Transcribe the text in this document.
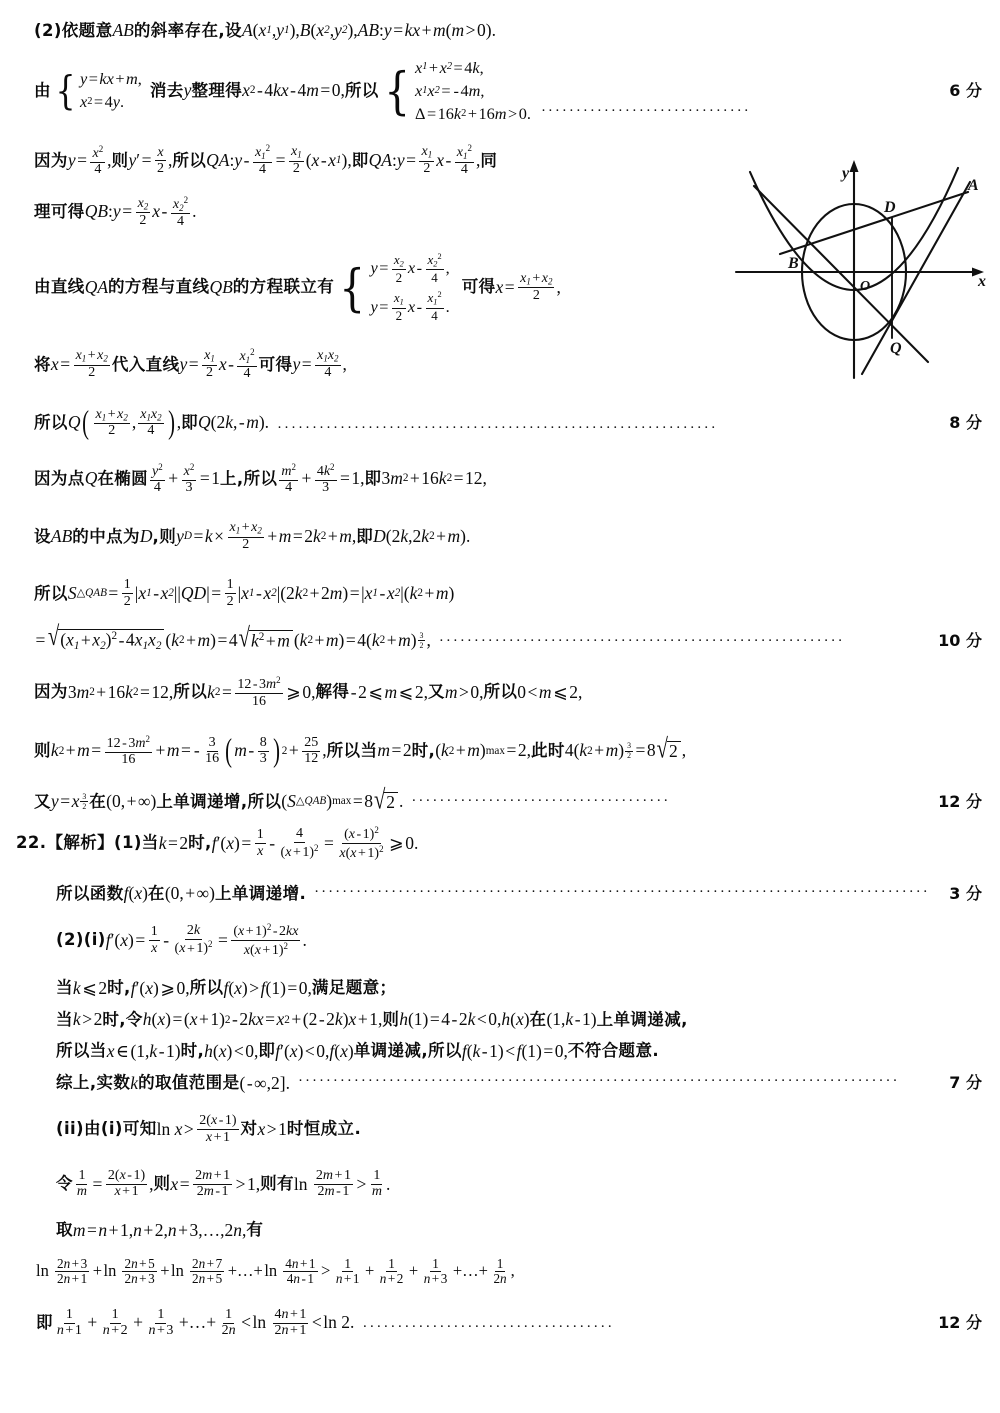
A
B
D
O
Q
x
y
(2)依题意 AB 的斜率存在 , 设 A ( x 1 , y 1 ) , B ( x 2 , y 2 ) , AB : y = kx + m ( m > 0 ) .
由 { y = kx + m ,
x 2 = 4 y .
消去 y 整理得 x 2 - 4 kx - 4 m = 0 , 所以 { x 1 + x 2 = 4 k ,
x 1 x 2 = - 4 m ,
Δ = 16 k 2 + 16 m > 0 . ······························
6 分
因为 $y = \frac{x^2}{4}$ , 则 y ′ = $\frac{x}{2}$ , 所以 QA : $y - \frac{x_1^2}{4} = \frac{x_1}{2}$ ( x - x 1 ) , 即 QA : $y = \frac{x_1}{2}$ x - $\frac{x_1^2}{4}$ , 同
理可得 QB : $y = \frac{x_2}{2}$ x - $\frac{x_2^2}{4}$ .
由直线 QA 的方程与直线 QB 的方程联立有 { $y = \frac{x_2}{2}$ x - $\frac{x_2^2}{4}$ ,
$y = \frac{x_1}{2}$ x - $\frac{x_1^2}{4}$ .
可得 $x = \frac{x_1 + x_2}{2}$ ,
将 $x = \frac{x_1 + x_2}{2}$ 代入直线 $y = \frac{x_1}{2}$ x - $\frac{x_1^2}{4}$ 可得 $y = \frac{x_1x_2}{4}$ ,
所以 Q ( $\frac{x_1 + x_2}{2}$ , $\frac{x_1x_2}{4}$ ) , 即 Q ( 2 k , - m ) . ·······························································	8 分
因为点 Q 在椭圆 $\frac{y^2}{4} + \frac{x^2}{3} = 1$ 上 , 所以 $\frac{m^2}{4} + \frac{4k^2}{3} = 1$ , 即 3 m 2 + 16 k 2 = 12 ,
设 AB 的中点为 D , 则 y $D = k \times \frac{x_1 + x_2}{2} + m = 2$ k 2 + m , 即 D ( 2 k , 2 k 2 + m ) .
所以 S △QAB = $\frac{1}{2}$ | x 1 - x 2 | | QD | = $\frac{1}{2}$ | x 1 - x 2 | ( 2 k 2 + 2 m ) = | x 1 - x 2 | ( k 2 + m )
= √ $(x_1+x_2)^2-4x_1x_2$ ( k 2 + m ) = 4 √ $k^2+m$ ( k 2 + m ) = 4 ( k 2 + m ) $\frac{3}{2}$ , ··························································	10 分
因为 3 m 2 + 16 k 2 = 12 , 所以 k $2 = \frac{12 - 3m^2}{16}$ ⩾ 0 , 解得 - 2 ⩽ m ⩽ 2 , 又 m > 0 , 所以 0 < m ⩽ 2 ,
则 k $2 + m = \frac{12 - 3m^2}{16} + m$ = - $\frac{3}{16}$ ( m - $\frac{8}{3}$ ) $2 + \frac{25}{12}$ , 所以当 m = 2 时 , ( k 2 + m ) max = 2 , 此时 4 ( k 2 + m ) $\frac{3}{2} = 8$ √ 2 ,
又 y = x $\frac{3}{2}$ 在 ( 0 , + ∞ ) 上单调递增 , 所以 ( S △QAB ) max = 8 √ 2 . ·····································	12 分
22. 【解析】 (1)当 k = 2 时 , f ′ ( x ) = $\frac{1}{x} - \frac{4}{(x + 1)^2} = \frac{(x - 1)^2}{x(x + 1)^2}$ ⩾ 0 .
所以函数 f ( x ) 在 ( 0 , + ∞ ) 上单调递增 . ························································································	3 分
(2)(i) f ′ ( x ) = $\frac{1}{x} - \frac{2k}{(x + 1)^2} = \frac{(x + 1)^2 - 2kx}{x(x + 1)^2}$ .
当 k ⩽ 2 时 , f ′ ( x ) ⩾ 0 , 所以 f ( x ) > f ( 1 ) = 0 , 满足题意；
当 k > 2 时 , 令 h ( x ) = ( x + 1 ) 2 - 2 kx = x 2 + ( 2 - 2 k ) x + 1 , 则 h ( 1 ) = 4 - 2 k < 0 , h ( x ) 在 ( 1 , k - 1 ) 上单调递减 ,
所以当 x ∈ ( 1 , k - 1 ) 时 , h ( x ) < 0 , 即 f ′ ( x ) < 0 , f ( x ) 单调递减 , 所以 f ( k - 1 ) < f ( 1 ) = 0 , 不符合题意 .
综上 , 实数 k 的取值范围是 ( - ∞ , 2 ] . ······················································································	7 分
(ii)由(i)可知 $\ln x > \frac{2(x - 1)}{x + 1}$ 对 x > 1 时恒成立 .
令 $\frac{1}{m} = \frac{2(x - 1)}{x + 1}$ , 则 $x = \frac{2m + 1}{2m - 1} > 1$ , 则有 $\ln \frac{2m + 1}{2m - 1} > \frac{1}{m}$ .
取 m = n + 1 , n + 2 , n + 3 ,…, 2 n , 有
$\ln \frac{2n + 3}{2n + 1} + \ln \frac{2n + 5}{2n + 3} + \ln \frac{2n + 7}{2n + 5}$ +…+ $\ln \frac{4n + 1}{4n - 1} > \frac{1}{n + 1} + \frac{1}{n + 2} + \frac{1}{n + 3}$ +…+ $\frac{1}{2n}$ ,
即 $\frac{1}{n + 1} + \frac{1}{n + 2} + \frac{1}{n + 3}$ +…+ $\frac{1}{2n} < \ln \frac{4n + 1}{2n + 1} < \ln 2$ . ····································	12 分
